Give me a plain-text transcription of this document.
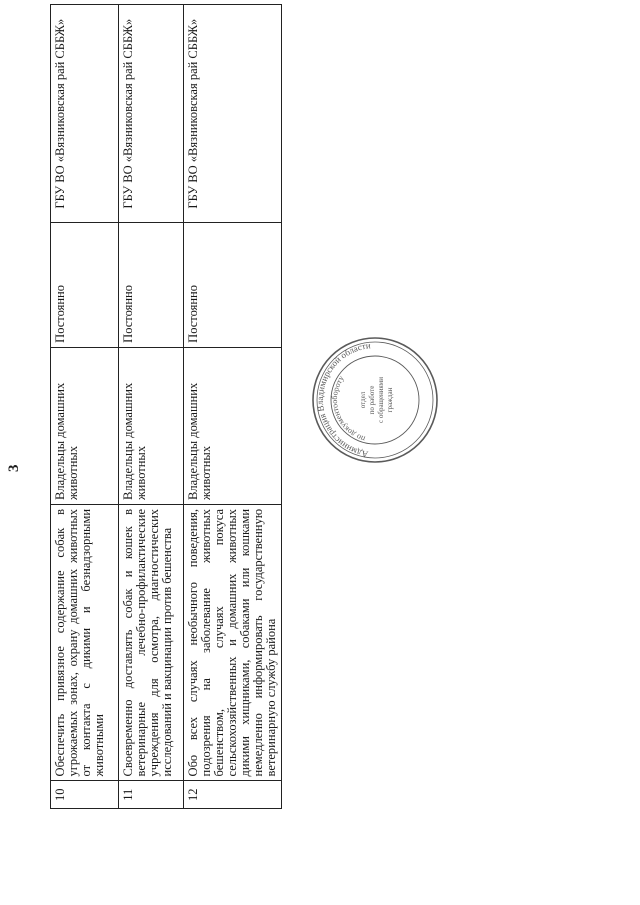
3
10	Обеспечить привязное содержание собак в угрожаемых зонах, охрану домашних животных от контакта с дикими и безнадзорными животными	Владельцы домашних животных	Постоянно	ГБУ ВО «Вязниковская рай СББЖ»
11	Своевременно доставлять собак и кошек в ветеринарные лечебно-профилактические учреждения для осмотра, диагностических исследований и вакцинации против бешенства	Владельцы домашних животных	Постоянно	ГБУ ВО «Вязниковская рай СББЖ»
12	Обо всех случаях необычного поведения, подозрения на заболевание животных бешенством, случаях покуса сельскохозяйственных и домашних животных дикими хищниками, собаками или кошками немедленно информировать государственную ветеринарную службу района	Владельцы домашних животных	Постоянно	ГБУ ВО «Вязниковская рай СББЖ»
Администрация Владимирской области
по документообороту
отдел по работе с обращениями граждан
